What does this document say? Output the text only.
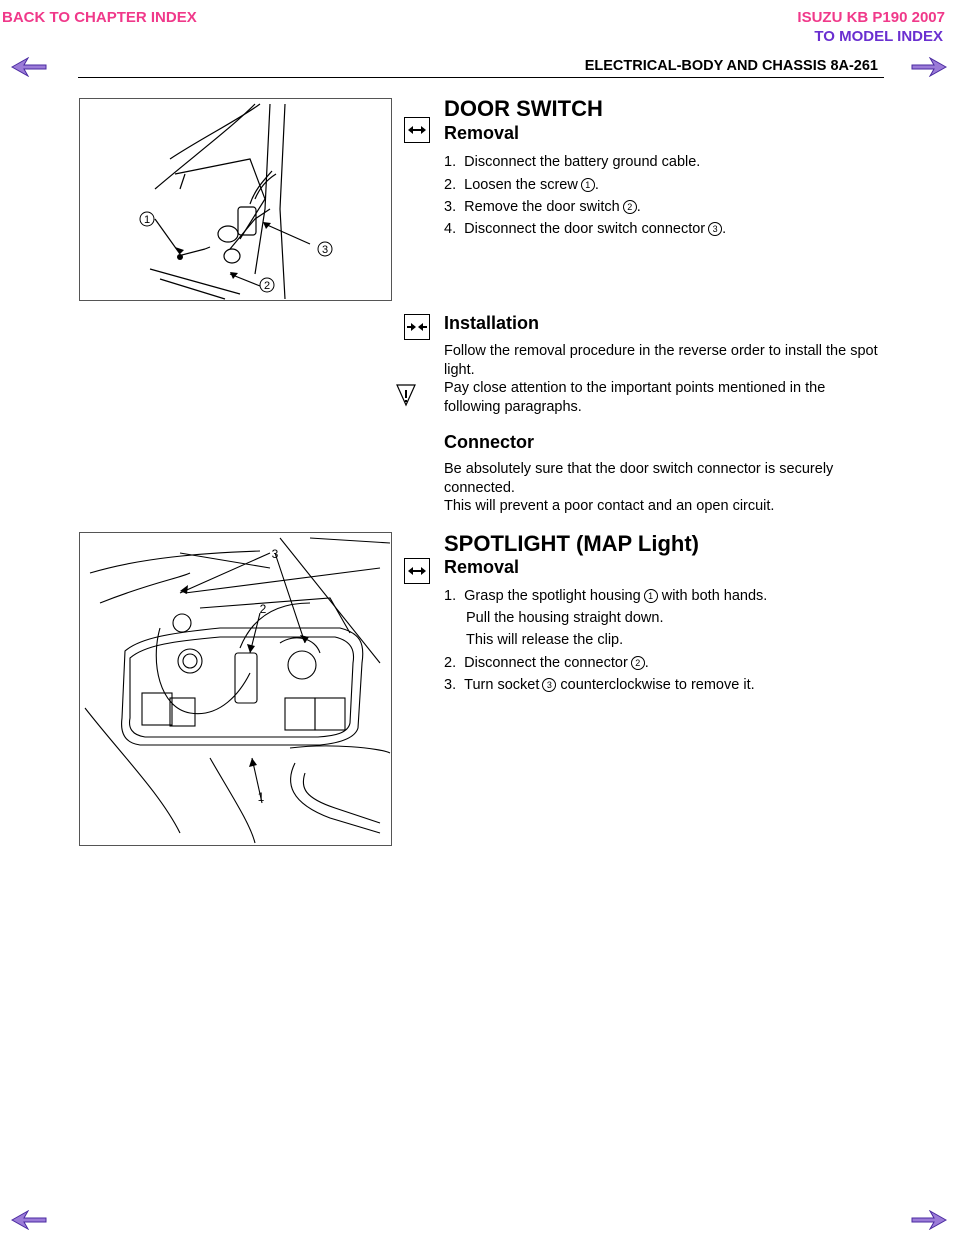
BACK TO CHAPTER INDEX	ISUZU KB P190 2007
TO MODEL INDEX
ELECTRICAL-BODY AND CHASSIS 8A-261
1
2
3
DOOR SWITCH
Removal
1. Disconnect the battery ground cable.
2. Loosen the screw 1 .
3. Remove the door switch 2 .
4. Disconnect the door switch connector 3 .
Installation
Follow the removal procedure in the reverse order to install the spot light.
Pay close attention to the important points mentioned in the following paragraphs.
Connector
Be absolutely sure that the door switch connector is securely connected.
This will prevent a poor contact and an open circuit.
3
2
1
SPOTLIGHT (MAP Light)
Removal
1. Grasp the spotlight housing 1 with both hands.
Pull the housing straight down.
This will release the clip.
2. Disconnect the connector 2 .
3. Turn socket 3 counterclockwise to remove it.
